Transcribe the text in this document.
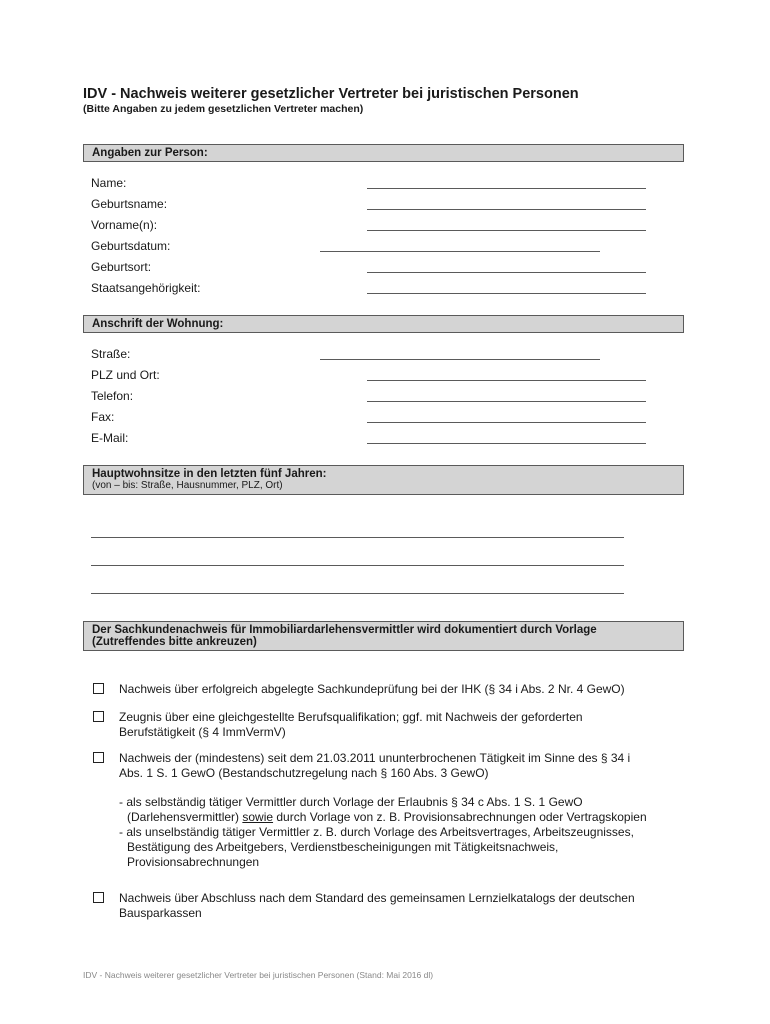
IDV - Nachweis weiterer gesetzlicher Vertreter bei juristischen Personen
(Bitte Angaben zu jedem gesetzlichen Vertreter machen)
Angaben zur Person:
Name:
Geburtsname:
Vorname(n):
Geburtsdatum:
Geburtsort:
Staatsangehörigkeit:
Anschrift der Wohnung:
Straße:
PLZ und Ort:
Telefon:
Fax:
E-Mail:
Hauptwohnsitze in den letzten fünf Jahren:
(von – bis: Straße, Hausnummer, PLZ, Ort)
Der Sachkundenachweis für Immobiliardarlehensvermittler wird dokumentiert durch Vorlage
(Zutreffendes bitte ankreuzen)
Nachweis über erfolgreich abgelegte Sachkundeprüfung bei der IHK (§ 34 i Abs. 2 Nr. 4 GewO)
Zeugnis über eine gleichgestellte Berufsqualifikation; ggf. mit Nachweis der geforderten Berufstätigkeit (§ 4 ImmVermV)
Nachweis der (mindestens) seit dem 21.03.2011 ununterbrochenen Tätigkeit im Sinne des § 34 i Abs. 1 S. 1 GewO (Bestandschutzregelung nach § 160 Abs. 3 GewO)
- als selbständig tätiger Vermittler durch Vorlage der Erlaubnis § 34 c Abs. 1 S. 1 GewO (Darlehensvermittler) sowie durch Vorlage von z. B. Provisionsabrechnungen oder Vertragskopien
- als unselbständig tätiger Vermittler z. B. durch Vorlage des Arbeitsvertrages, Arbeitszeugnisses, Bestätigung des Arbeitgebers, Verdienstbescheinigungen mit Tätigkeitsnachweis, Provisionsabrechnungen
Nachweis über Abschluss nach dem Standard des gemeinsamen Lernzielkatalogs der deutschen Bausparkassen
IDV - Nachweis weiterer gesetzlicher Vertreter bei juristischen Personen (Stand: Mai 2016 dl)
